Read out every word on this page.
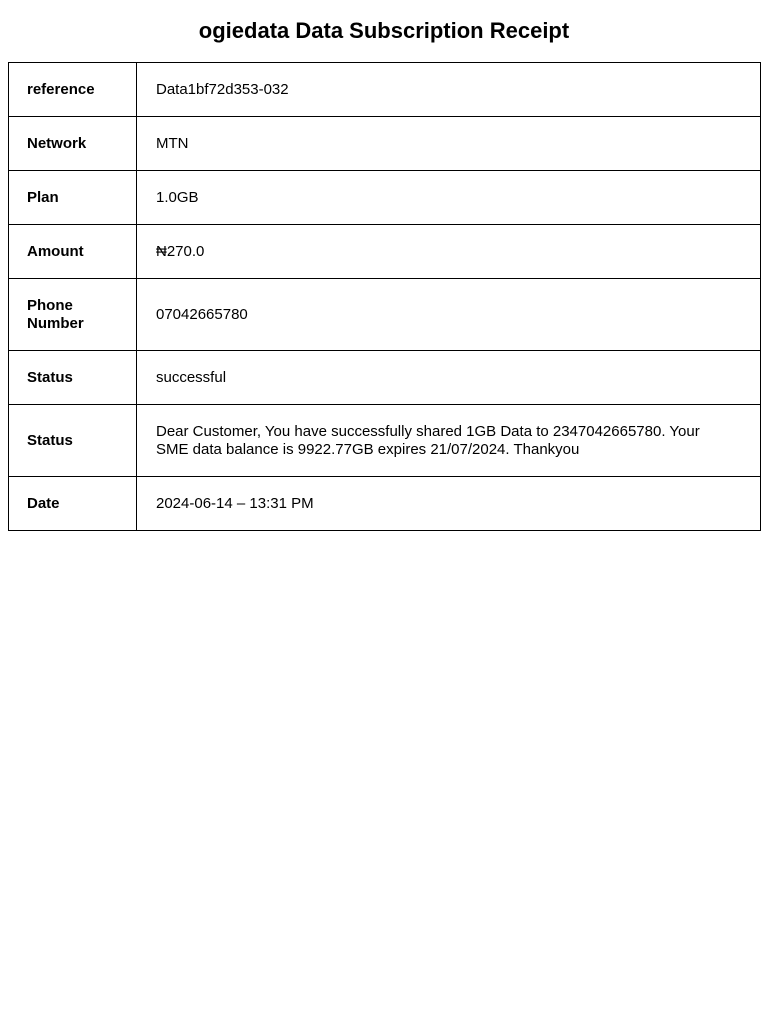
ogiedata Data Subscription Receipt
reference	Data1bf72d353-032
Network	MTN
Plan	1.0GB
Amount	₦270.0
Phone Number	07042665780
Status	successful
Status	Dear Customer, You have successfully shared 1GB Data to 2347042665780. Your SME data balance is 9922.77GB expires 21/07/2024. Thankyou
Date	2024-06-14 – 13:31 PM
